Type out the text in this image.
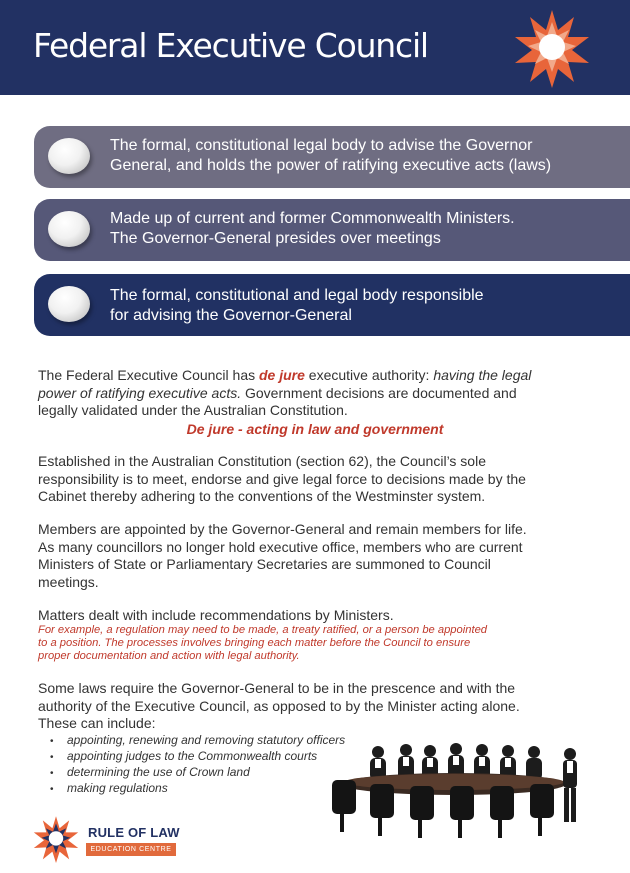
Federal Executive Council
The formal, constitutional legal body to advise the Governor
General, and holds the power of ratifying executive acts (laws)
Made up of current and former Commonwealth Ministers.
The Governor-General presides over meetings
The formal, constitutional and legal body responsible
for advising the Governor-General
The Federal Executive Council has de jure executive authority: having the legal
power of ratifying executive acts. Government decisions are documented and
legally validated under the Australian Constitution.
De jure - acting in law and government
Established in the Australian Constitution (section 62), the Council’s sole
responsibility is to meet, endorse and give legal force to decisions made by the
Cabinet thereby adhering to the conventions of the Westminster system.
Members are appointed by the Governor-General and remain members for life.
As many councillors no longer hold executive office, members who are current
Ministers of State or Parliamentary Secretaries are summoned to Council
meetings.
Matters dealt with include recommendations by Ministers.
For example, a regulation may need to be made, a treaty ratified, or a person be appointed
to a position. The processes involves bringing each matter before the Council to ensure
proper documentation and action with legal authority.
Some laws require the Governor-General to be in the prescence and with the
authority of the Executive Council, as opposed to by the Minister acting alone.
These can include:
• appointing, renewing and removing statutory officers
• appointing judges to the Commonwealth courts
• determining the use of Crown land
• making regulations
RULE OF LAW
EDUCATION CENTRE
